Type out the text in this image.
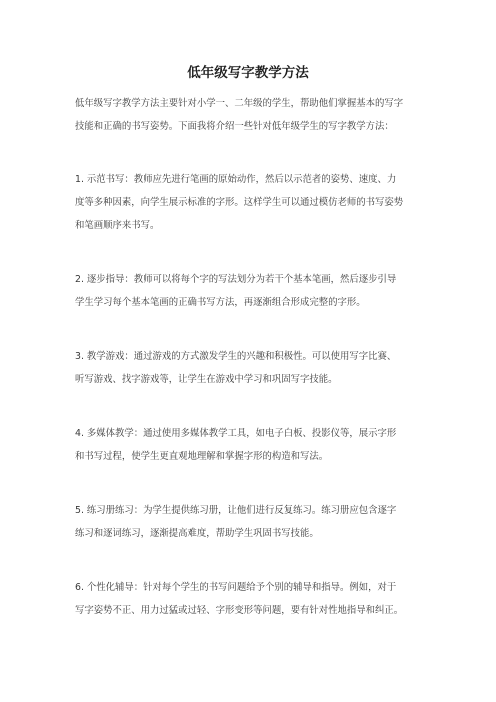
低年级写字教学方法
低年级写字教学方法主要针对小学一、二年级的学生，帮助他们掌握基本的写字
技能和正确的书写姿势。下面我将介绍一些针对低年级学生的写字教学方法：
1. 示范书写：教师应先进行笔画的原始动作，然后以示范者的姿势、速度、力
度等多种因素，向学生展示标准的字形。这样学生可以通过模仿老师的书写姿势
和笔画顺序来书写。
2. 逐步指导：教师可以将每个字的写法划分为若干个基本笔画，然后逐步引导
学生学习每个基本笔画的正确书写方法，再逐渐组合形成完整的字形。
3. 教学游戏：通过游戏的方式激发学生的兴趣和积极性。可以使用写字比赛、
听写游戏、找字游戏等，让学生在游戏中学习和巩固写字技能。
4. 多媒体教学：通过使用多媒体教学工具，如电子白板、投影仪等，展示字形
和书写过程，使学生更直观地理解和掌握字形的构造和写法。
5. 练习册练习：为学生提供练习册，让他们进行反复练习。练习册应包含逐字
练习和逐词练习，逐渐提高难度，帮助学生巩固书写技能。
6. 个性化辅导：针对每个学生的书写问题给予个别的辅导和指导。例如，对于
写字姿势不正、用力过猛或过轻、字形变形等问题，要有针对性地指导和纠正。
